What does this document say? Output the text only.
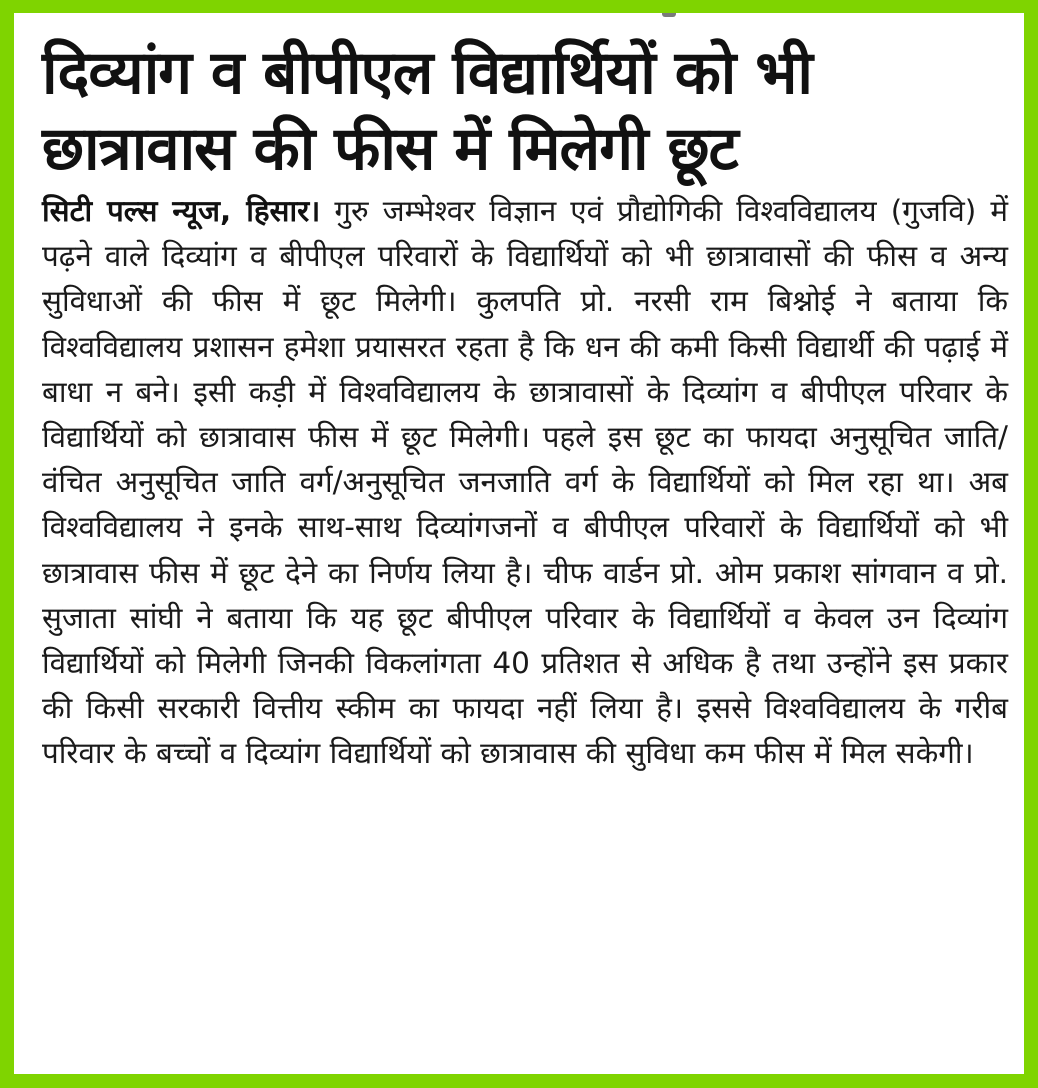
दिव्यांग व बीपीएल विद्यार्थियों को भी
छात्रावास की फीस में मिलेगी छूट

सिटी पल्स न्यूज, हिसार। गुरु जम्भेश्वर विज्ञान एवं प्रौद्योगिकी विश्वविद्यालय (गुजवि) में पढ़ने वाले दिव्यांग व बीपीएल परिवारों के विद्यार्थियों को भी छात्रावासों की फीस व अन्य सुविधाओं की फीस में छूट मिलेगी। कुलपति प्रो. नरसी राम बिश्नोई ने बताया कि विश्वविद्यालय प्रशासन हमेशा प्रयासरत रहता है कि धन की कमी किसी विद्यार्थी की पढ़ाई में बाधा न बने। इसी कड़ी में विश्वविद्यालय के छात्रावासों के दिव्यांग व बीपीएल परिवार के विद्यार्थियों को छात्रावास फीस में छूट मिलेगी। पहले इस छूट का फायदा अनुसूचित जाति/वंचित अनुसूचित जाति वर्ग/अनुसूचित जनजाति वर्ग के विद्यार्थियों को मिल रहा था। अब विश्वविद्यालय ने इनके साथ-साथ दिव्यांगजनों व बीपीएल परिवारों के विद्यार्थियों को भी छात्रावास फीस में छूट देने का निर्णय लिया है। चीफ वार्डन प्रो. ओम प्रकाश सांगवान व प्रो. सुजाता सांघी ने बताया कि यह छूट बीपीएल परिवार के विद्यार्थियों व केवल उन दिव्यांग विद्यार्थियों को मिलेगी जिनकी विकलांगता 40 प्रतिशत से अधिक है तथा उन्होंने इस प्रकार की किसी सरकारी वित्तीय स्कीम का फायदा नहीं लिया है। इससे विश्वविद्यालय के गरीब परिवार के बच्चों व दिव्यांग विद्यार्थियों को छात्रावास की सुविधा कम फीस में मिल सकेगी।
